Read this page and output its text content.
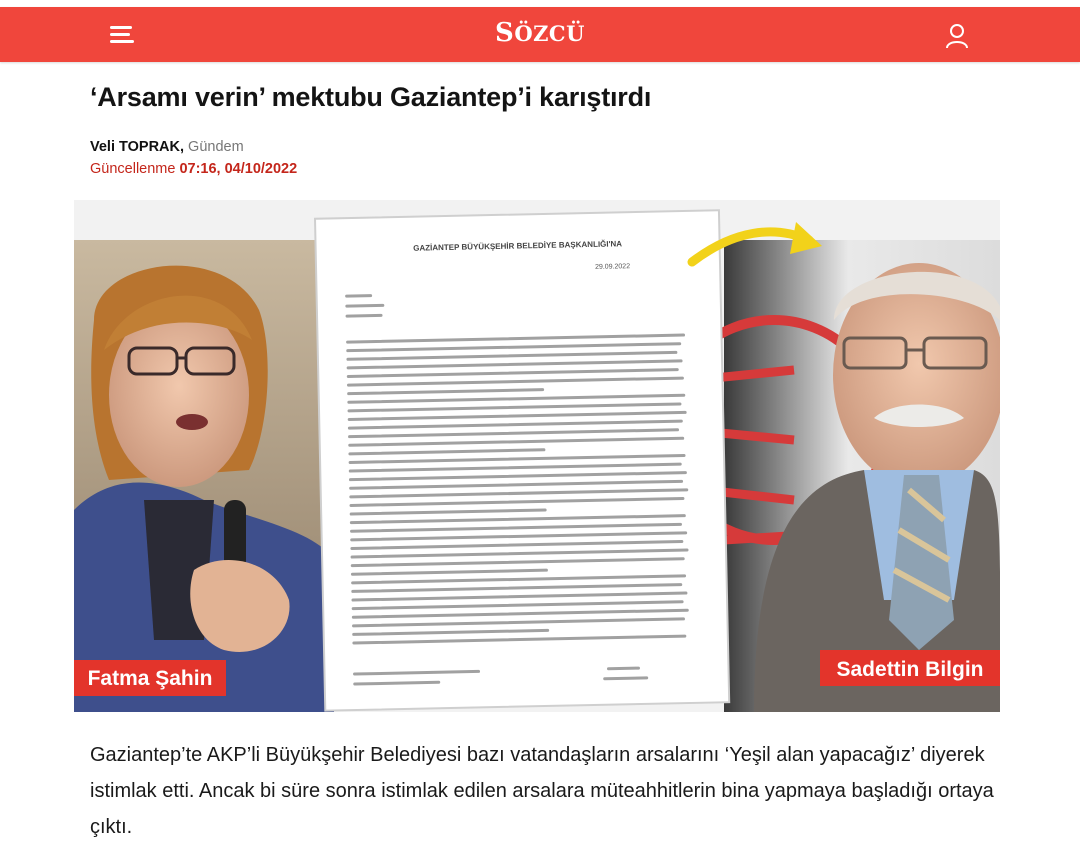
SÖZCÜ
‘Arsamı verin’ mektubu Gaziantep’i karıştırdı
Veli TOPRAK, Gündem
Güncellenme 07:16, 04/10/2022
Fatma Şahin	Sadettin Bilgin
GAZİANTEP BÜYÜKŞEHİR BELEDİYE BAŞKANLIĞI'NA
29.09.2022

Gaziantep’te AKP’li Büyükşehir Belediyesi bazı vatandaşların arsalarını ‘Yeşil alan yapacağız’ diyerek istimlak etti. Ancak bi süre sonra istimlak edilen arsalara müteahhitlerin bina yapmaya başladığı ortaya çıktı.
